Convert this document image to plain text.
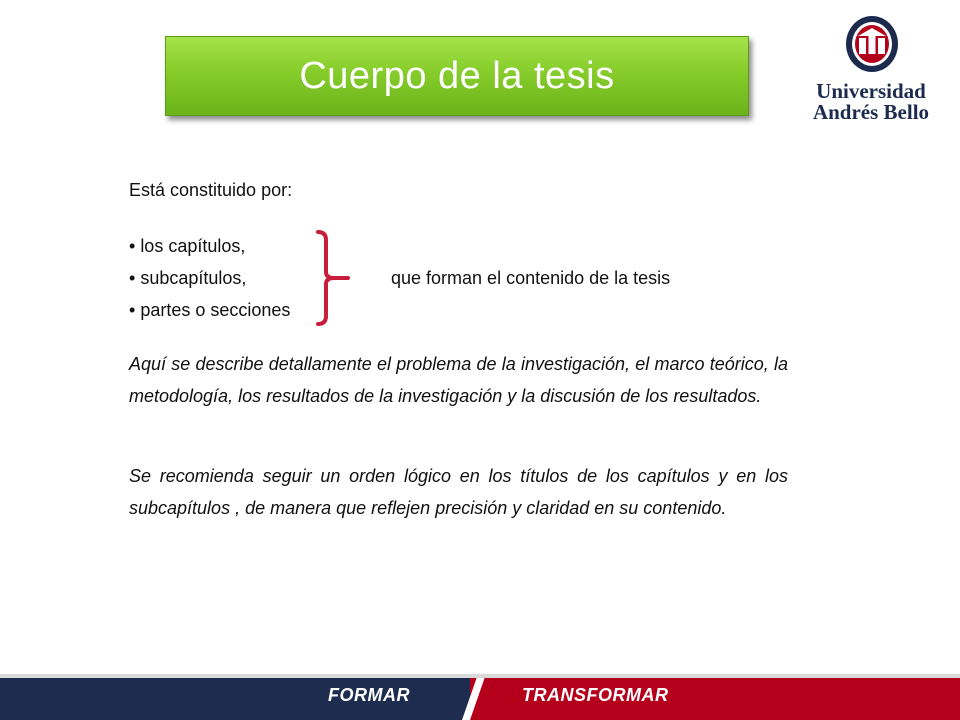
Cuerpo de la tesis	Universidad
Andrés Bello
Está constituido por:
• los capítulos,
• subcapítulos,
• partes o secciones
que forman el contenido de la tesis
Aquí se describe detallamente el problema de la investigación, el marco teórico, la metodología, los resultados de la investigación y la discusión de los resultados.
Se recomienda seguir un orden lógico en los títulos de los capítulos y en los subcapítulos , de manera que reflejen precisión y claridad en su contenido.
FORMAR	TRANSFORMAR
